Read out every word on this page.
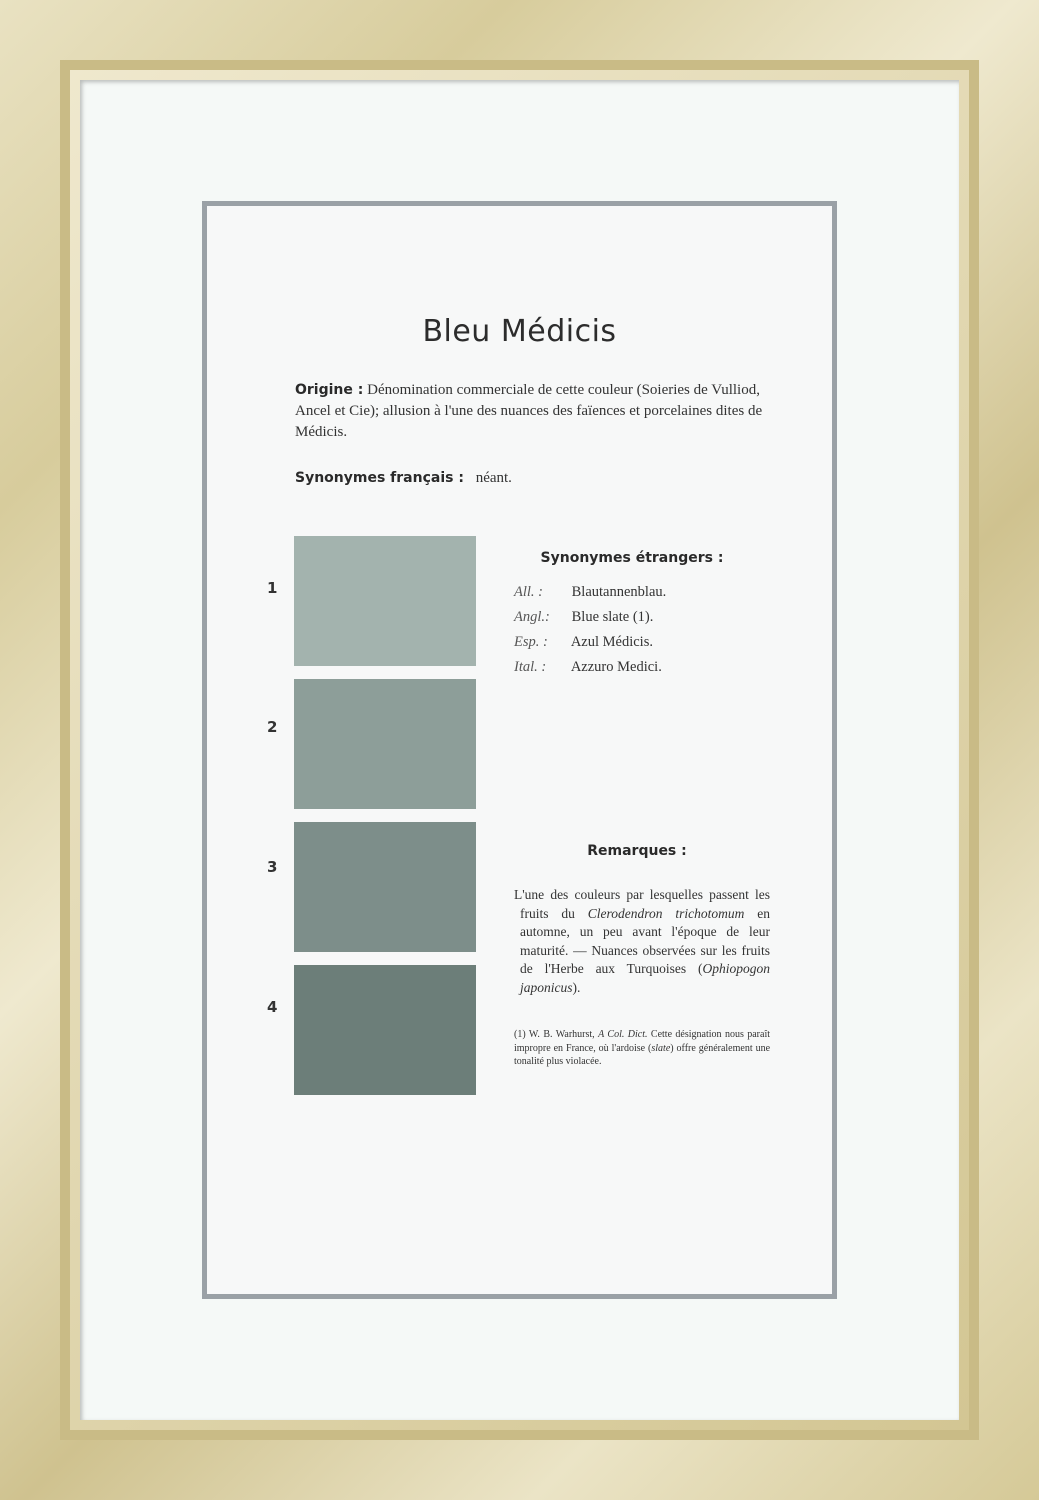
Bleu Médicis
Origine : Dénomination commerciale de cette couleur (Soieries de Vulliod, Ancel et Cie); allusion à l'une des nuances des faïences et porcelaines dites de Médicis.
Synonymes français : néant.
1
2
3
4
Synonymes étrangers :
All. : Blautannenblau.
Angl.: Blue slate (1).
Esp. : Azul Médicis.
Ital. : Azzuro Medici.
Remarques :

L'une des couleurs par lesquelles passent les fruits du Clerodendron trichotomum en automne, un peu avant l'époque de leur maturité. — Nuances observées sur les fruits de l'Herbe aux Turquoises (Ophiopogon japonicus).

(1) W. B. Warhurst, A Col. Dict. Cette désignation nous paraît impropre en France, où l'ardoise (slate) offre généralement une tonalité plus violacée.
